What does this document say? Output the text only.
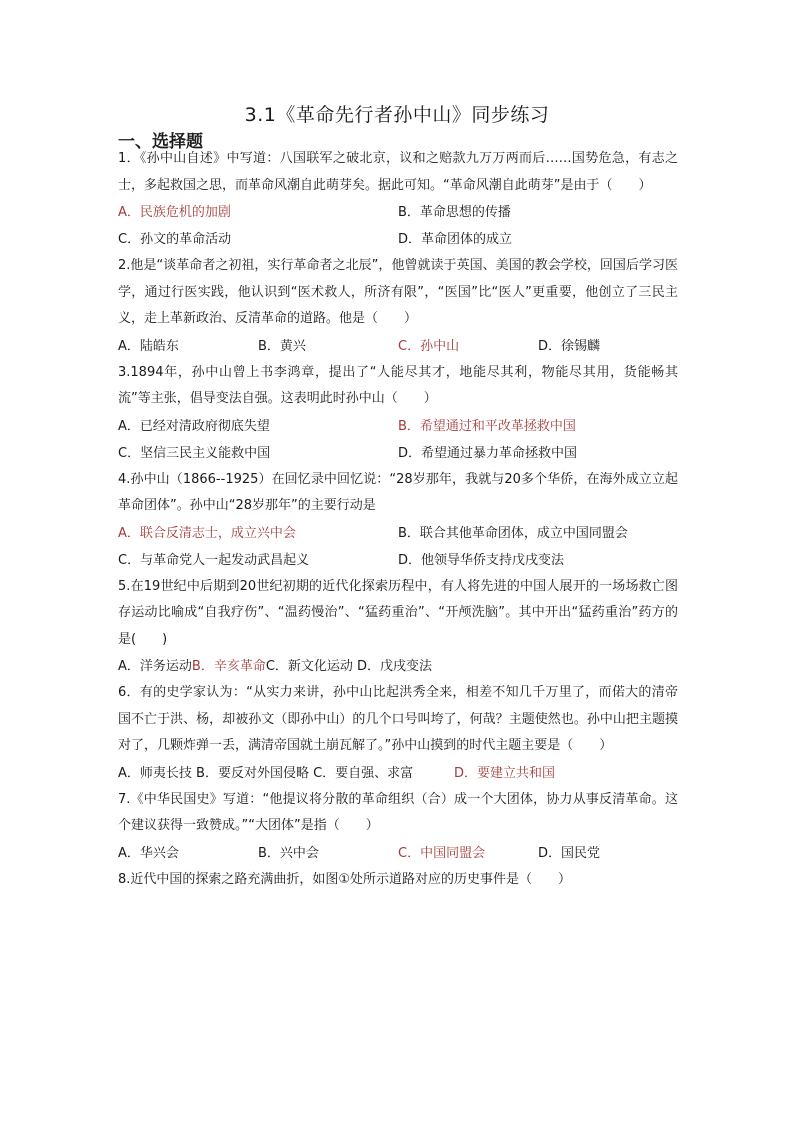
3.1《革命先行者孙中山》同步练习
一、选择题
1．《孙中山自述》中写道：八国联军之破北京，议和之赔款九万万两而后……国势危急，有志之士，多起救国之思，而革命风潮自此萌芽矣。据此可知。“革命风潮自此萌芽”是由于（　　）
A．民族危机的加剧	B．革命思想的传播
C．孙文的革命活动	D．革命团体的成立
2.他是“谈革命者之初祖，实行革命者之北辰”，他曾就读于英国、美国的教会学校，回国后学习医学，通过行医实践，他认识到“医术救人，所济有限”，“医国”比“医人”更重要，他创立了三民主义，走上革新政治、反清革命的道路。他是（　　）
A．陆皓东	B．黄兴	C．孙中山	D．徐锡麟
3.1894年，孙中山曾上书李鸿章，提出了“人能尽其才，地能尽其利，物能尽其用，货能畅其流”等主张，倡导变法自强。这表明此时孙中山（　　）
A．已经对清政府彻底失望	B．希望通过和平改革拯救中国
C．坚信三民主义能救中国	D．希望通过暴力革命拯救中国
4.孙中山（1866--1925）在回忆录中回忆说：“28岁那年，我就与20多个华侨，在海外成立立起革命团体”。孙中山“28岁那年”的主要行动是
A．联合反清志士，成立兴中会	B．联合其他革命团体，成立中国同盟会
C．与革命党人一起发动武昌起义	D．他领导华侨支持戊戌变法
5.在19世纪中后期到20世纪初期的近代化探索历程中，有人将先进的中国人展开的一场场救亡图存运动比喻成“自我疗伤”、“温药慢治”、“猛药重治”、“开颅洗脑”。其中开出“猛药重治”药方的是(　　)
A．洋务运动 B．辛亥革命 C．新文化运动 D．戊戌变法
6．有的史学家认为：“从实力来讲，孙中山比起洪秀全来，相差不知几千万里了，而偌大的清帝国不亡于洪、杨，却被孙文（即孙中山）的几个口号叫垮了，何哉？主题使然也。孙中山把主题摸对了，几颗炸弹一丢，满清帝国就土崩瓦解了。”孙中山摸到的时代主题主要是（　　）
A．师夷长技 B．要反对外国侵略 C．要自强、求富	D．要建立共和国
7.《中华民国史》写道：“他提议将分散的革命组织（合）成一个大团体，协力从事反清革命。这个建议获得一致赞成。”“大团体”是指（　　）
A．华兴会	B．兴中会	C．中国同盟会	D．国民党
8.近代中国的探索之路充满曲折，如图①处所示道路对应的历史事件是（　　）
